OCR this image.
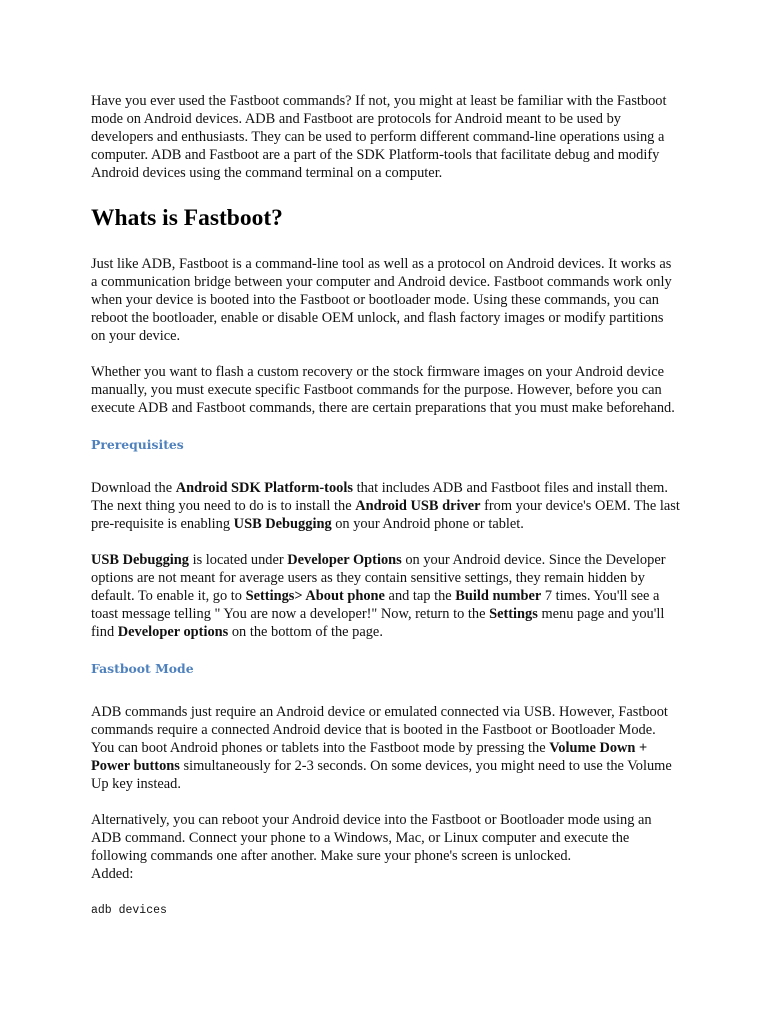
Have you ever used the Fastboot commands? If not, you might at least be familiar with the Fastboot mode on Android devices. ADB and Fastboot are protocols for Android meant to be used by developers and enthusiasts. They can be used to perform different command-line operations using a computer. ADB and Fastboot are a part of the SDK Platform-tools that facilitate debug and modify Android devices using the command terminal on a computer.

Whats is Fastboot?

Just like ADB, Fastboot is a command-line tool as well as a protocol on Android devices. It works as a communication bridge between your computer and Android device. Fastboot commands work only when your device is booted into the Fastboot or bootloader mode. Using these commands, you can reboot the bootloader, enable or disable OEM unlock, and flash factory images or modify partitions on your device.

Whether you want to flash a custom recovery or the stock firmware images on your Android device manually, you must execute specific Fastboot commands for the purpose. However, before you can execute ADB and Fastboot commands, there are certain preparations that you must make beforehand.

Prerequisites

Download the Android SDK Platform-tools that includes ADB and Fastboot files and install them. The next thing you need to do is to install the Android USB driver from your device's OEM. The last pre-requisite is enabling USB Debugging on your Android phone or tablet.

USB Debugging is located under Developer Options on your Android device. Since the Developer options are not meant for average users as they contain sensitive settings, they remain hidden by default. To enable it, go to Settings> About phone and tap the Build number 7 times. You'll see a toast message telling " You are now a developer!" Now, return to the Settings menu page and you'll find Developer options on the bottom of the page.

Fastboot Mode

ADB commands just require an Android device or emulated connected via USB. However, Fastboot commands require a connected Android device that is booted in the Fastboot or Bootloader Mode. You can boot Android phones or tablets into the Fastboot mode by pressing the Volume Down + Power buttons simultaneously for 2-3 seconds. On some devices, you might need to use the Volume Up key instead.

Alternatively, you can reboot your Android device into the Fastboot or Bootloader mode using an ADB command. Connect your phone to a Windows, Mac, or Linux computer and execute the following commands one after another. Make sure your phone's screen is unlocked.

Added:

adb devices
